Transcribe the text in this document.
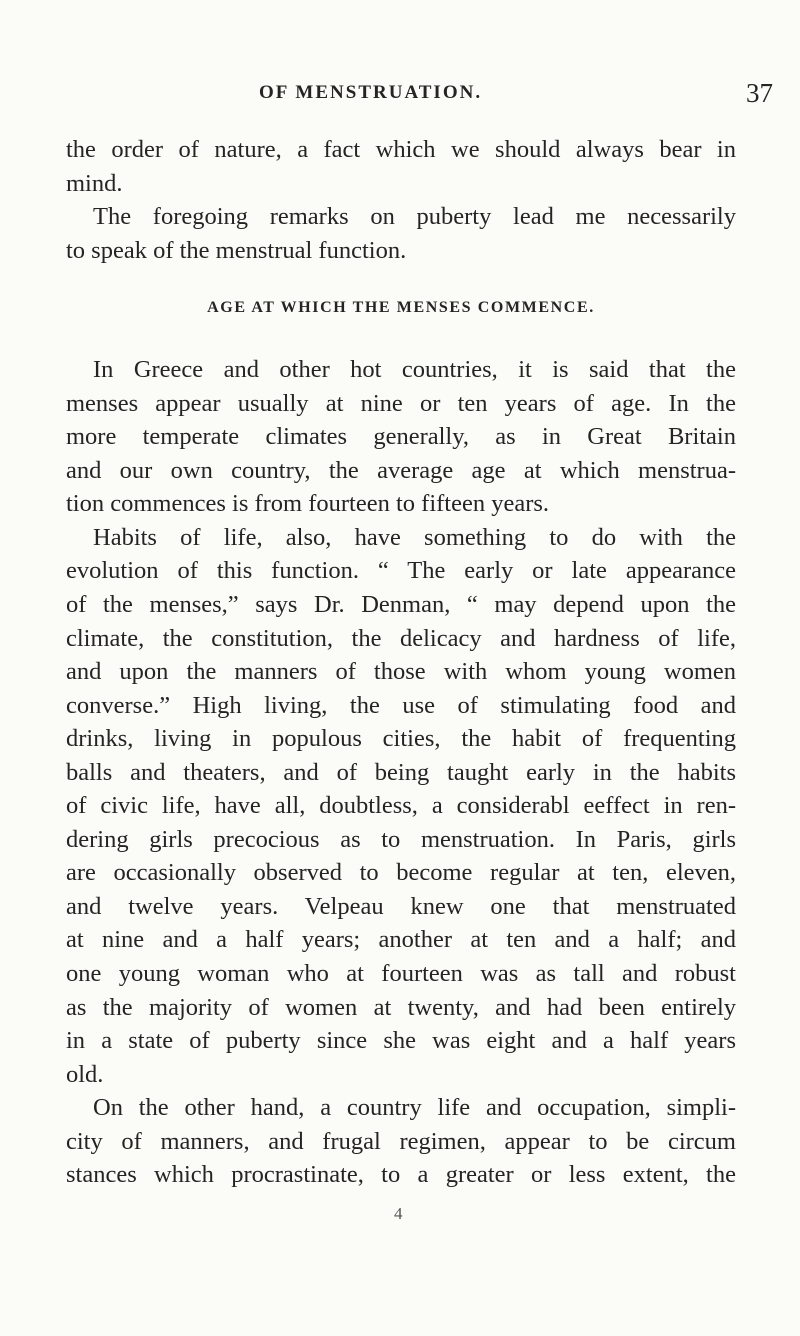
OF MENSTRUATION.	37
the order of nature, a fact which we should always bear in
mind.
The foregoing remarks on puberty lead me necessarily
to speak of the menstrual function.
AGE AT WHICH THE MENSES COMMENCE.
In Greece and other hot countries, it is said that the
menses appear usually at nine or ten years of age. In the
more temperate climates generally, as in Great Britain
and our own country, the average age at which menstrua-
tion commences is from fourteen to fifteen years.
Habits of life, also, have something to do with the
evolution of this function. “ The early or late appearance
of the menses,” says Dr. Denman, “ may depend upon the
climate, the constitution, the delicacy and hardness of life,
and upon the manners of those with whom young women
converse.” High living, the use of stimulating food and
drinks, living in populous cities, the habit of frequenting
balls and theaters, and of being taught early in the habits
of civic life, have all, doubtless, a considerabl eeffect in ren-
dering girls precocious as to menstruation. In Paris, girls
are occasionally observed to become regular at ten, eleven,
and twelve years. Velpeau knew one that menstruated
at nine and a half years; another at ten and a half; and
one young woman who at fourteen was as tall and robust
as the majority of women at twenty, and had been entirely
in a state of puberty since she was eight and a half years
old.
On the other hand, a country life and occupation, simpli-
city of manners, and frugal regimen, appear to be circum
stances which procrastinate, to a greater or less extent, the
4
